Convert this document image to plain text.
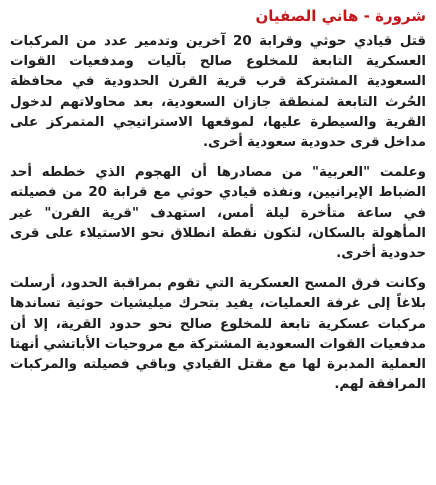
شرورة - هاني الصفيان

قتل قيادي حوثي وقرابة 20 آخرين وتدمير عدد من المركبات العسكرية التابعة للمخلوع صالح بآليات ومدفعيات القوات السعودية المشتركة قرب قرية القرن الحدودية في محافظة الحُرث التابعة لمنطقة جازان السعودية، بعد محاولاتهم لدخول القرية والسيطرة عليها، لموقعها الاستراتيجي المتمركز على مداخل قرى حدودية سعودية أخرى.

وعلمت "العربية" من مصادرها أن الهجوم الذي خططه أحد الضباط الإيرانيين، ونفذه قيادي حوثي مع قرابة 20 من فصيلته في ساعة متأخرة ليلة أمس، استهدف "قرية القرن" غير المأهولة بالسكان، لتكون نقطة انطلاق نحو الاستيلاء على قرى حدودية أخرى.

وكانت فرق المسح العسكرية التي تقوم بمراقبة الحدود، أرسلت بلاغاً إلى غرفة العمليات، يفيد بتحرك ميليشيات حوثية تساندها مركبات عسكرية تابعة للمخلوع صالح نحو حدود القرية، إلا أن مدفعيات القوات السعودية المشتركة مع مروحيات الأباتشي أنهتا العملية المدبرة لها مع مقتل القيادي وباقي فصيلته والمركبات المرافقة لهم.
